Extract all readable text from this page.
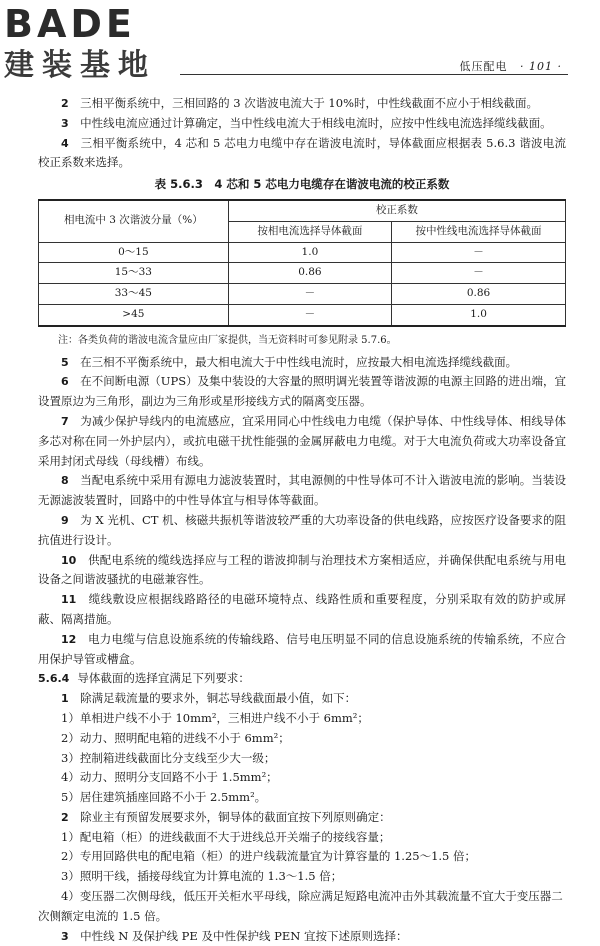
BADE
建装基地	低压配电 · 101 ·

2　 三相平衡系统中，三相回路的 3 次谐波电流大于 10%时，中性线截面不应小于相线截面。

3　 中性线电流应通过计算确定，当中性线电流大于相线电流时，应按中性线电流选择缆线截面。

4　 三相平衡系统中，4 芯和 5 芯电力电缆中存在谐波电流时，导体截面应根据表 5.6.3 谐波电流校正系数来选择。

表 5.6.3　4 芯和 5 芯电力电缆存在谐波电流的校正系数
相电流中 3 次谐波分量（%）	校正系数	
	按相电流选择导体截面	按中性线电流选择导体截面
0～15	1.0	－
15～33	0.86	－
33～45	－	0.86
>45	－	1.0

注：各类负荷的谐波电流含量应由厂家提供，当无资料时可参见附录 5.7.6。

5　 在三相不平衡系统中，最大相电流大于中性线电流时，应按最大相电流选择缆线截面。

6　 在不间断电源（UPS）及集中装设的大容量的照明调光装置等谐波源的电源主回路的进出端，宜设置原边为三角形，副边为三角形或星形接线方式的隔离变压器。

7　 为减少保护导线内的电流感应，宜采用同心中性线电力电缆（保护导体、中性线导体、相线导体多芯对称在同一外护层内），或抗电磁干扰性能强的金属屏蔽电力电缆。对于大电流负荷或大功率设备宜采用封闭式母线（母线槽）布线。

8　 当配电系统中采用有源电力滤波装置时，其电源侧的中性导体可不计入谐波电流的影响。当装设无源滤波装置时，回路中的中性导体宜与相导体等截面。

9　 为 X 光机、CT 机、核磁共振机等谐波较严重的大功率设备的供电线路，应按医疗设备要求的阻抗值进行设计。

10　 供配电系统的缆线选择应与工程的谐波抑制与治理技术方案相适应，并确保供配电系统与用电设备之间谐波骚扰的电磁兼容性。

11　 缆线敷设应根据线路路径的电磁环境特点、线路性质和重要程度，分别采取有效的防护或屏蔽、隔离措施。

12　 电力电缆与信息设施系统的传输线路、信号电压明显不同的信息设施系统的传输系统，不应合用保护导管或槽盒。

5.6.4 导体截面的选择宜满足下列要求：

1　 除满足载流量的要求外，铜芯导线截面最小值，如下：

1）单相进户线不小于 10mm²，三相进户线不小于 6mm²；

2）动力、照明配电箱的进线不小于 6mm²；

3）控制箱进线截面比分支线至少大一级；

4）动力、照明分支回路不小于 1.5mm²；

5）居住建筑插座回路不小于 2.5mm²。

2　 除业主有预留发展要求外，铜导体的截面宜按下列原则确定：

1）配电箱（柜）的进线截面不大于进线总开关端子的接线容量；

2）专用回路供电的配电箱（柜）的进户线载流量宜为计算容量的 1.25～1.5 倍；

3）照明干线，插接母线宜为计算电流的 1.3～1.5 倍；

4）变压器二次侧母线，低压开关柜水平母线，除应满足短路电流冲击外其载流量不宜大于变压器二次侧额定电流的 1.5 倍。

3　 中性线 N 及保护线 PE 及中性保护线 PEN 宜按下述原则选择：
